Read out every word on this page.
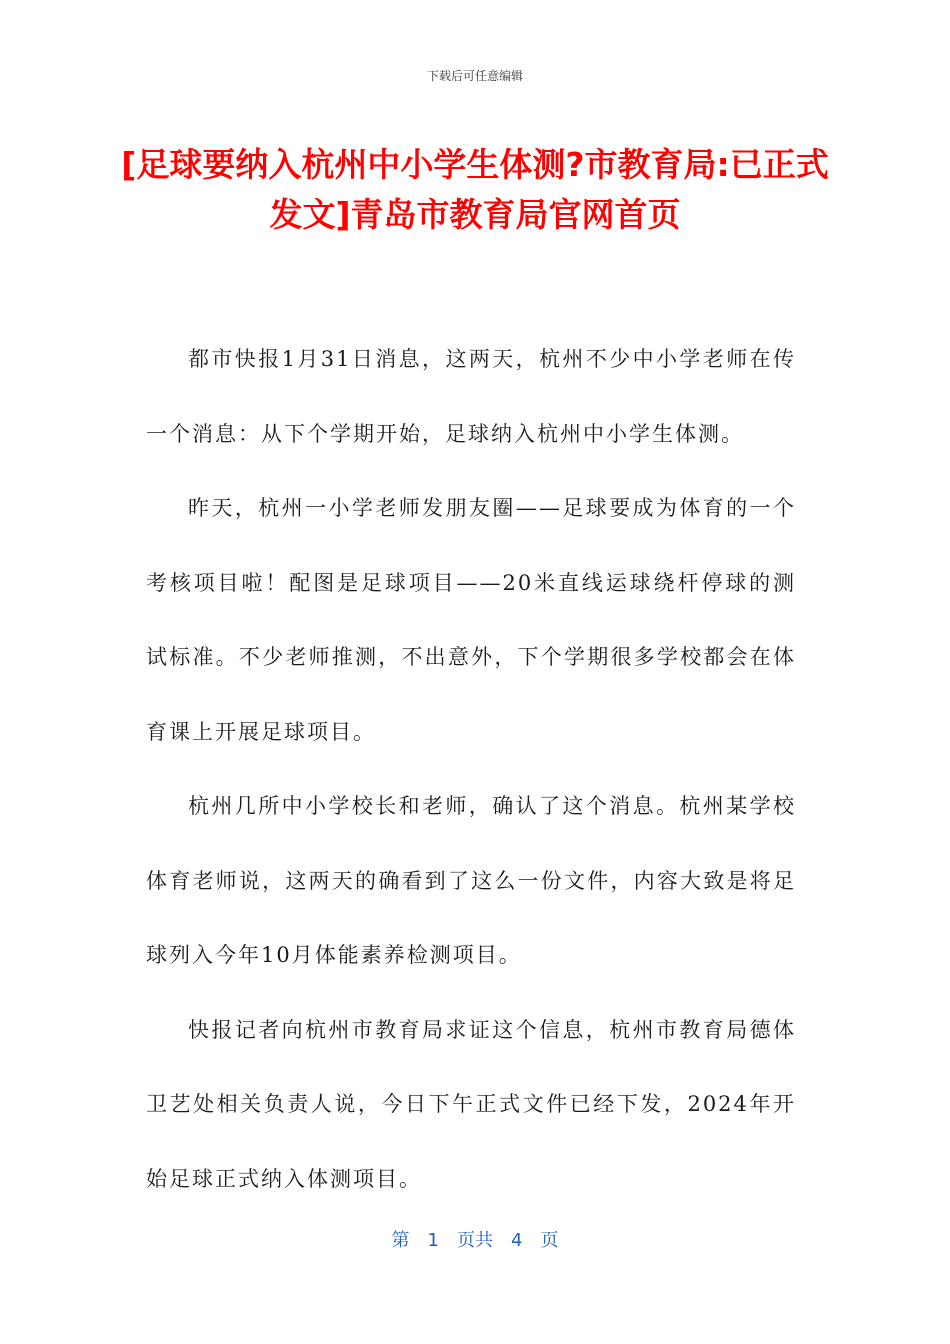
下载后可任意编辑
[足球要纳入杭州中小学生体测?市教育局:已正式发文]青岛市教育局官网首页

都市快报1月31日消息，这两天，杭州不少中小学老师在传一个消息：从下个学期开始，足球纳入杭州中小学生体测。

昨天，杭州一小学老师发朋友圈——足球要成为体育的一个考核项目啦！配图是足球项目——20米直线运球绕杆停球的测试标准。不少老师推测，不出意外，下个学期很多学校都会在体育课上开展足球项目。

杭州几所中小学校长和老师，确认了这个消息。杭州某学校体育老师说，这两天的确看到了这么一份文件，内容大致是将足球列入今年10月体能素养检测项目。

快报记者向杭州市教育局求证这个信息，杭州市教育局德体卫艺处相关负责人说，今日下午正式文件已经下发，2024年开始足球正式纳入体测项目。

第　1　页共　4　页
